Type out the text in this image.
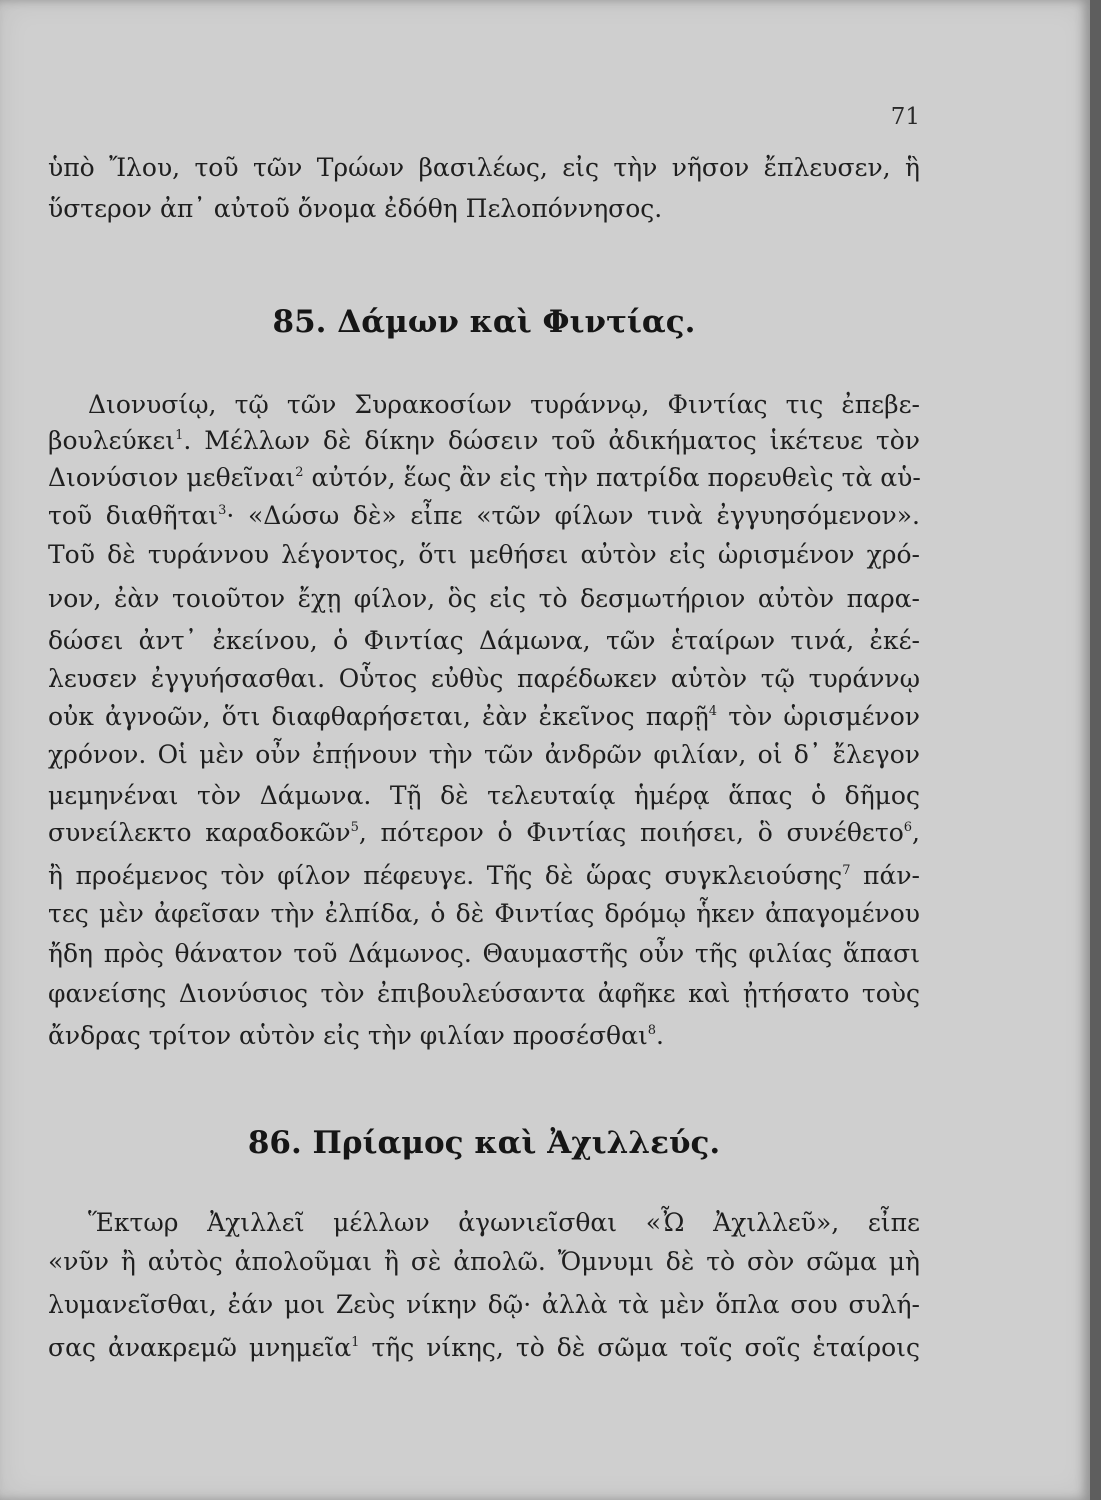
71
ὑπὸ Ἴλου, τοῦ τῶν Τρώων βασιλέως, εἰς τὴν νῆσον ἔπλευσεν, ἣ
ὕστερον ἀπ᾿ αὐτοῦ ὄνομα ἐδόθη Πελοπόννησος.
85. Δάμων καὶ Φιντίας.
Διονυσίῳ, τῷ τῶν Συρακοσίων τυράννῳ, Φιντίας τις ἐπεβε-
βουλεύκει$^1$. Μέλλων δὲ δίκην δώσειν τοῦ ἀδικήματος ἱκέτευε τὸν
Διονύσιον μεθεῖναι$^2$ αὐτόν, ἕως ἂν εἰς τὴν πατρίδα πορευθεὶς τὰ αὑ-
τοῦ διαθῆται$^3$· «Δώσω δὲ» εἶπε «τῶν φίλων τινὰ ἐγγυησόμενον».
Τοῦ δὲ τυράννου λέγοντος, ὅτι μεθήσει αὐτὸν εἰς ὡρισμένον χρό-
νον, ἐὰν τοιοῦτον ἔχῃ φίλον, ὃς εἰς τὸ δεσμωτήριον αὐτὸν παρα-
δώσει ἀντ᾿ ἐκείνου, ὁ Φιντίας Δάμωνα, τῶν ἑταίρων τινά, ἐκέ-
λευσεν ἐγγυήσασθαι. Οὗτος εὐθὺς παρέδωκεν αὑτὸν τῷ τυράννῳ
οὐκ ἀγνοῶν, ὅτι διαφθαρήσεται, ἐὰν ἐκεῖνος παρῇ$^4$ τὸν ὡρισμένον
χρόνον. Οἱ μὲν οὖν ἐπῄνουν τὴν τῶν ἀνδρῶν φιλίαν, οἱ δ᾿ ἔλεγον
μεμηνέναι τὸν Δάμωνα. Τῇ δὲ τελευταίᾳ ἡμέρᾳ ἅπας ὁ δῆμος
συνείλεκτο καραδοκῶν$^5$, πότερον ὁ Φιντίας ποιήσει, ὃ συνέθετο$^6$,
ἢ προέμενος τὸν φίλον πέφευγε. Τῆς δὲ ὥρας συγκλειούσης$^7$ πάν-
τες μὲν ἀφεῖσαν τὴν ἐλπίδα, ὁ δὲ Φιντίας δρόμῳ ἧκεν ἀπαγομένου
ἤδη πρὸς θάνατον τοῦ Δάμωνος. Θαυμαστῆς οὖν τῆς φιλίας ἅπασι
φανείσης Διονύσιος τὸν ἐπιβουλεύσαντα ἀφῆκε καὶ ᾐτήσατο τοὺς
ἄνδρας τρίτον αὑτὸν εἰς τὴν φιλίαν προσέσθαι$^8$.
86. Πρίαμος καὶ Ἀχιλλεύς.
Ἕκτωρ Ἀχιλλεῖ μέλλων ἀγωνιεῖσθαι «Ὦ Ἀχιλλεῦ», εἶπε
«νῦν ἢ αὐτὸς ἀπολοῦμαι ἢ σὲ ἀπολῶ. Ὄμνυμι δὲ τὸ σὸν σῶμα μὴ
λυμανεῖσθαι, ἐάν μοι Ζεὺς νίκην δῷ· ἀλλὰ τὰ μὲν ὅπλα σου συλή-
σας ἀνακρεμῶ μνημεῖα$^1$ τῆς νίκης, τὸ δὲ σῶμα τοῖς σοῖς ἑταίροις
